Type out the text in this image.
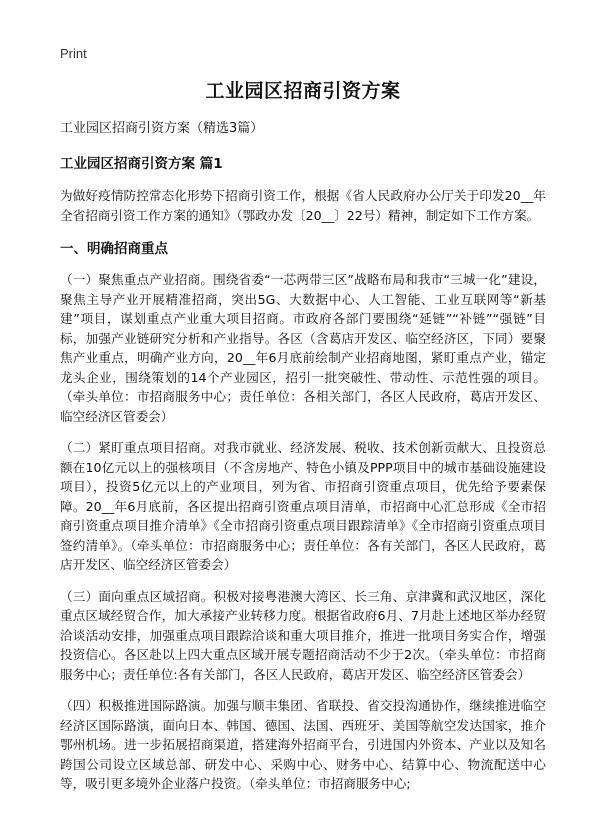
Print
工业园区招商引资方案
工业园区招商引资方案（精选3篇）
工业园区招商引资方案 篇1
为做好疫情防控常态化形势下招商引资工作，根据《省人民政府办公厅关于印发20__年全省招商引资工作方案的通知》（鄂政办发〔20__〕22号）精神，制定如下工作方案。
一、明确招商重点
（一）聚焦重点产业招商。围绕省委“一芯两带三区”战略布局和我市“三城一化”建设，聚焦主导产业开展精准招商，突出5G、大数据中心、人工智能、工业互联网等“新基建”项目，谋划重点产业重大项目招商。市政府各部门要围绕“延链”“补链”“强链”目标，加强产业链研究分析和产业指导。各区（含葛店开发区、临空经济区，下同）要聚焦产业重点，明确产业方向，20__年6月底前绘制产业招商地图，紧盯重点产业，锚定龙头企业，围绕策划的14个产业园区，招引一批突破性、带动性、示范性强的项目。（牵头单位：市招商服务中心；责任单位：各相关部门，各区人民政府，葛店开发区、临空经济区管委会）
（二）紧盯重点项目招商。对我市就业、经济发展、税收、技术创新贡献大、且投资总额在10亿元以上的强核项目（不含房地产、特色小镇及PPP项目中的城市基础设施建设项目），投资5亿元以上的产业项目，列为省、市招商引资重点项目，优先给予要素保障。20__年6月底前，各区提出招商引资重点项目清单，市招商中心汇总形成《全市招商引资重点项目推介清单》《全市招商引资重点项目跟踪清单》《全市招商引资重点项目签约清单》。（牵头单位：市招商服务中心；责任单位：各有关部门，各区人民政府，葛店开发区、临空经济区管委会）
（三）面向重点区域招商。积极对接粤港澳大湾区、长三角、京津冀和武汉地区，深化重点区域经贸合作，加大承接产业转移力度。根据省政府6月、7月赴上述地区举办经贸洽谈活动安排，加强重点项目跟踪洽谈和重大项目推介，推进一批项目务实合作，增强投资信心。各区赴以上四大重点区域开展专题招商活动不少于2次。（牵头单位：市招商服务中心；责任单位:各有关部门，各区人民政府，葛店开发区、临空经济区管委会）
（四）积极推进国际路演。加强与顺丰集团、省联投、省交投沟通协作，继续推进临空经济区国际路演，面向日本、韩国、德国、法国、西班牙、美国等航空发达国家，推介鄂州机场。进一步拓展招商渠道，搭建海外招商平台，引进国内外资本、产业以及知名跨国公司设立区域总部、研发中心、采购中心、财务中心、结算中心、物流配送中心等，吸引更多境外企业落户投资。（牵头单位：市招商服务中心;
